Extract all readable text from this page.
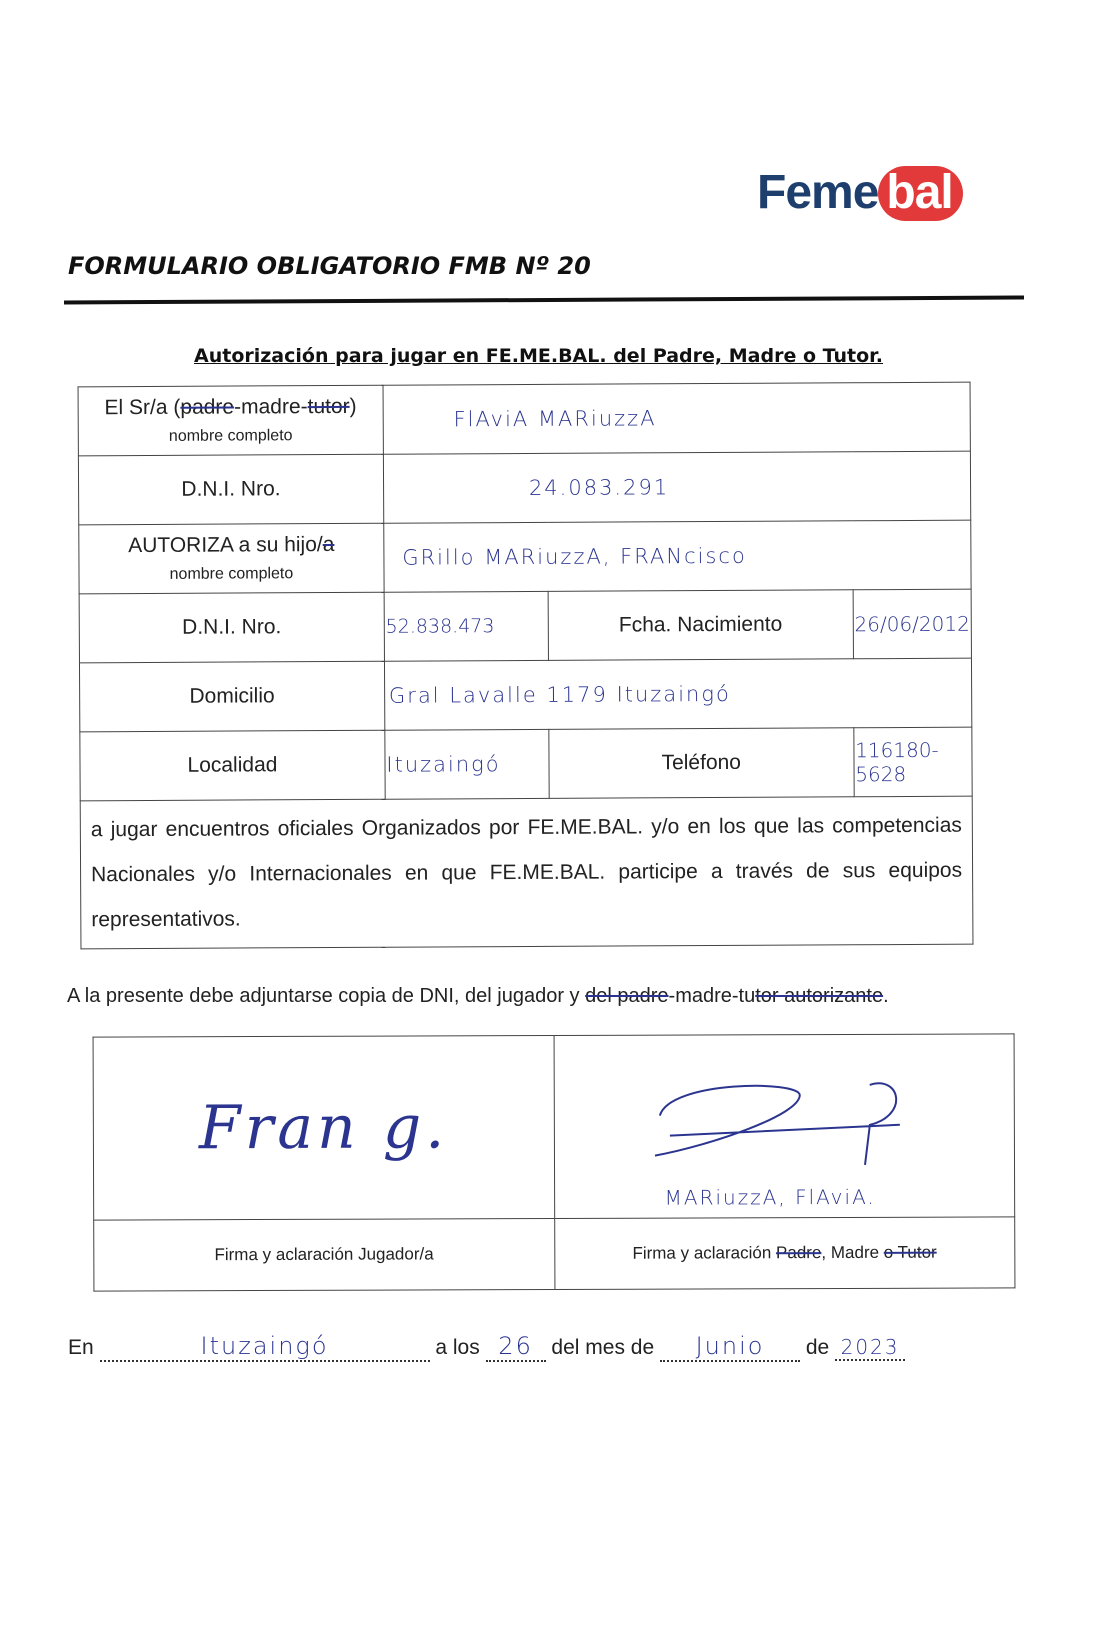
Feme bal
FORMULARIO OBLIGATORIO FMB Nº 20
Autorización para jugar en FE.ME.BAL. del Padre, Madre o Tutor.
El Sr/a (padre-madre-tutor)
nombre completo	FlAviA MARiuzzA		
D.N.I. Nro.	24.083.291		
AUTORIZA a su hijo/a
nombre completo	GRillo MARiuzzA, FRANcisco		
D.N.I. Nro.	52.838.473	Fcha. Nacimiento	26/06/2012
Domicilio	Gral Lavalle 1179 Ituzaingó		
Localidad	Ituzaingó	Teléfono	116180-5628
a jugar encuentros oficiales Organizados por FE.ME.BAL. y/o en los que las competencias Nacionales y/o Internacionales en que FE.ME.BAL. participe a través de sus equipos representativos.			
A la presente debe adjuntarse copia de DNI, del jugador y del padre-madre-tutor autorizante.
Fran g.	MARiuzzA, FlAviA.

Firma y aclaración Jugador/a	Firma y aclaración Padre, Madre o Tutor
En	Ituzaingó	a los 26 del mes de Junio de 2023
